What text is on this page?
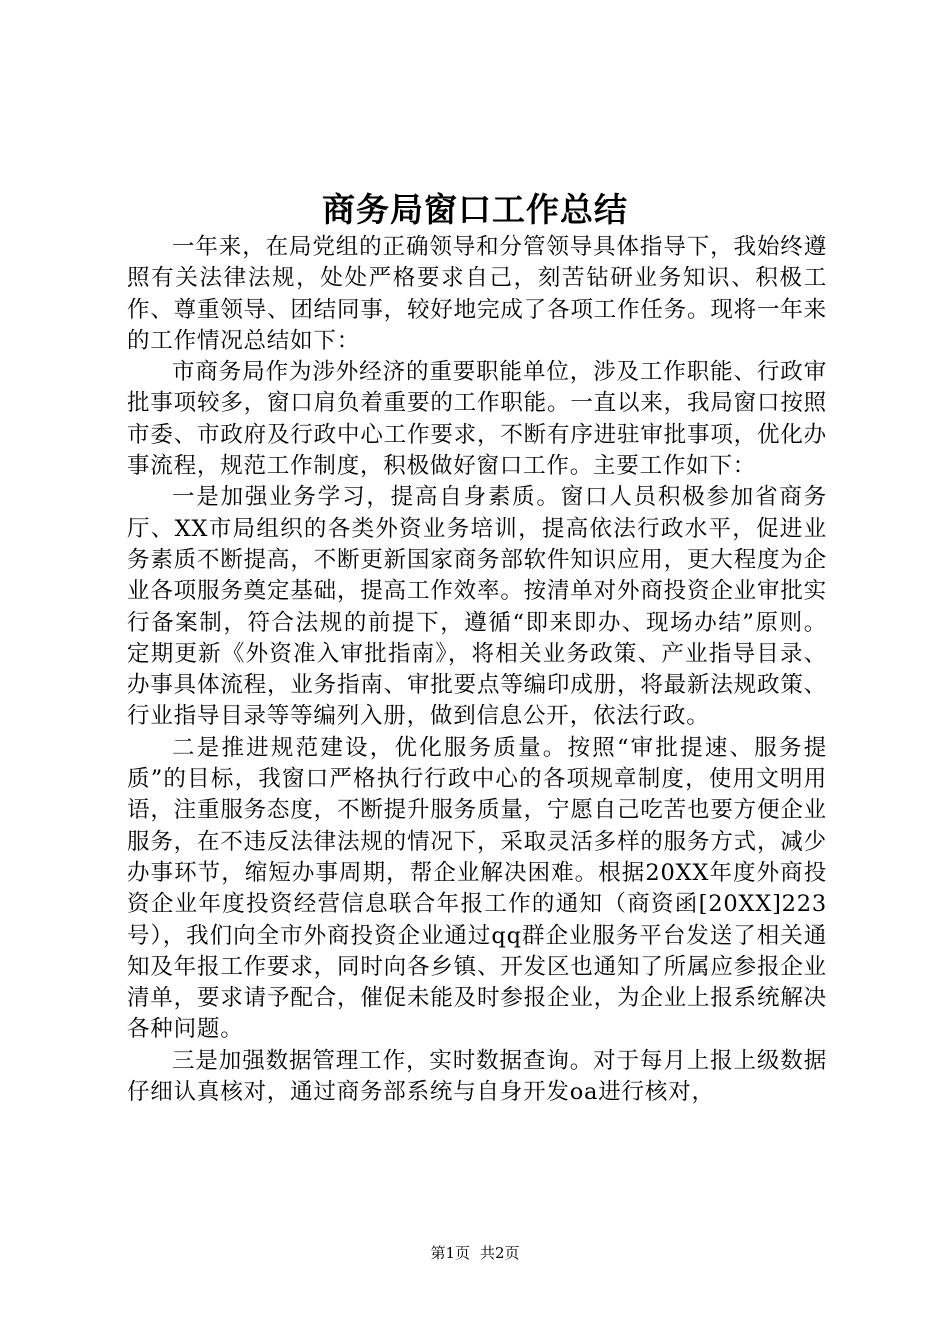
商务局窗口工作总结

一年来，在局党组的正确领导和分管领导具体指导下，我始终遵照有关法律法规，处处严格要求自己，刻苦钻研业务知识、积极工作、尊重领导、团结同事，较好地完成了各项工作任务。现将一年来的工作情况总结如下：

市商务局作为涉外经济的重要职能单位，涉及工作职能、行政审批事项较多，窗口肩负着重要的工作职能。一直以来，我局窗口按照市委、市政府及行政中心工作要求，不断有序进驻审批事项，优化办事流程，规范工作制度，积极做好窗口工作。主要工作如下：

一是加强业务学习，提高自身素质。窗口人员积极参加省商务厅、XX市局组织的各类外资业务培训，提高依法行政水平，促进业务素质不断提高，不断更新国家商务部软件知识应用，更大程度为企业各项服务奠定基础，提高工作效率。按清单对外商投资企业审批实行备案制，符合法规的前提下，遵循“即来即办、现场办结”原则。定期更新《外资准入审批指南》，将相关业务政策、产业指导目录、办事具体流程，业务指南、审批要点等编印成册，将最新法规政策、行业指导目录等等编列入册，做到信息公开，依法行政。

二是推进规范建设，优化服务质量。按照“审批提速、服务提质”的目标，我窗口严格执行行政中心的各项规章制度，使用文明用语，注重服务态度，不断提升服务质量，宁愿自己吃苦也要方便企业服务，在不违反法律法规的情况下，采取灵活多样的服务方式，减少办事环节，缩短办事周期，帮企业解决困难。根据20XX年度外商投资企业年度投资经营信息联合年报工作的通知（商资函[20XX]223号），我们向全市外商投资企业通过qq群企业服务平台发送了相关通知及年报工作要求，同时向各乡镇、开发区也通知了所属应参报企业清单，要求请予配合，催促未能及时参报企业，为企业上报系统解决各种问题。

三是加强数据管理工作，实时数据查询。对于每月上报上级数据仔细认真核对，通过商务部系统与自身开发oa进行核对，

第1页 共2页
